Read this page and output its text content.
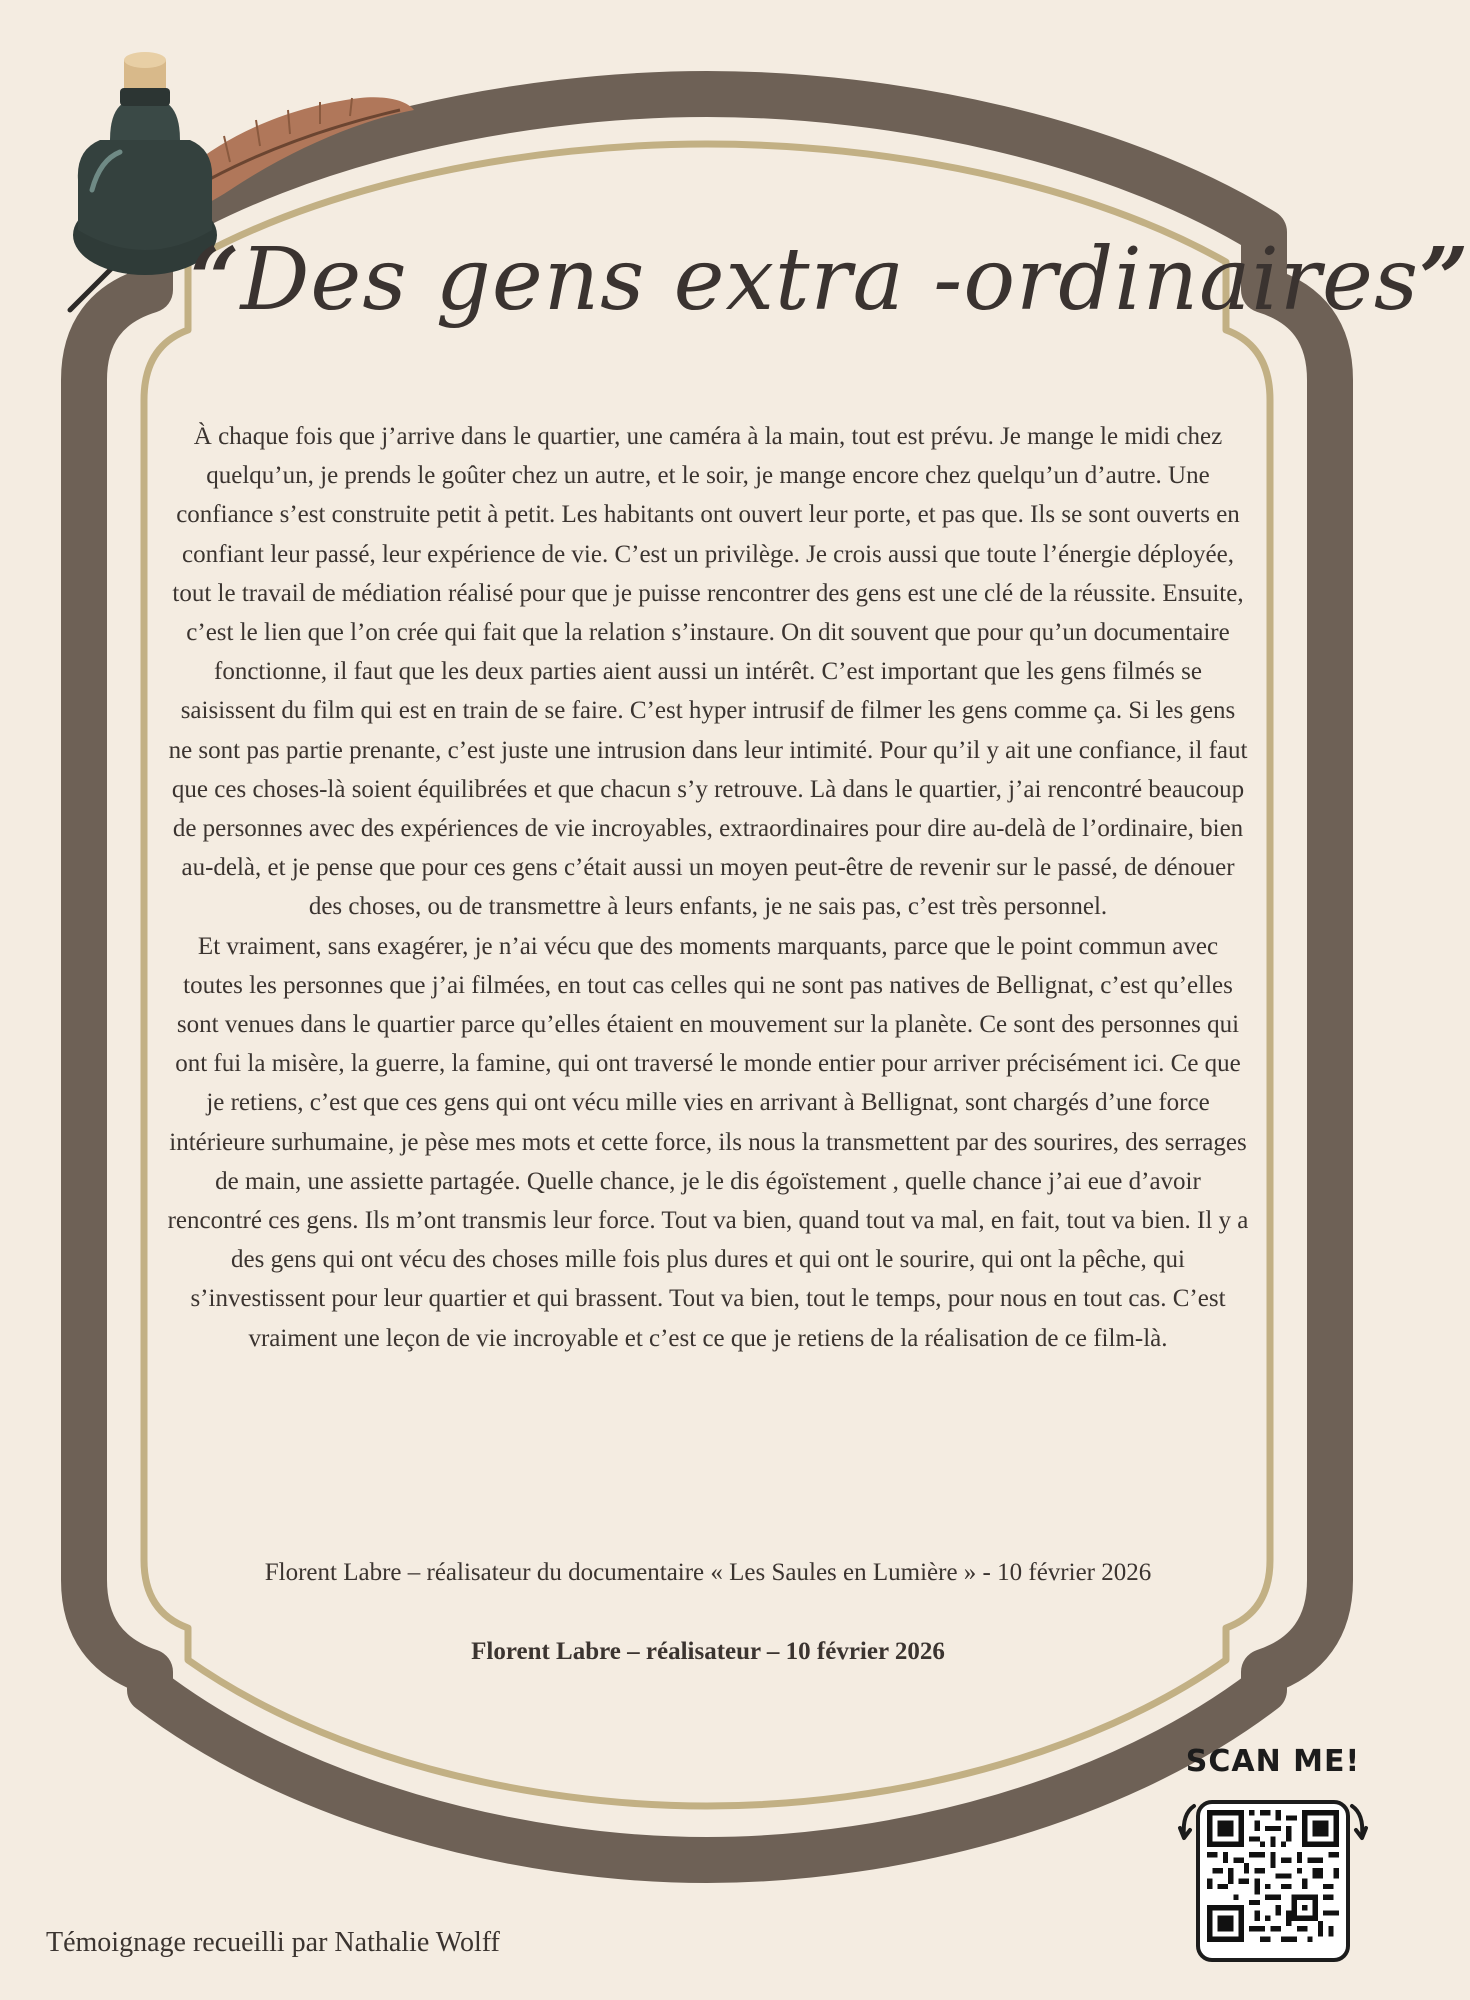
“Des gens extra -ordinaires”

À chaque fois que j’arrive dans le quartier, une caméra à la main, tout est prévu. Je mange le midi chez quelqu’un, je prends le goûter chez un autre, et le soir, je mange encore chez quelqu’un d’autre. Une confiance s’est construite petit à petit. Les habitants ont ouvert leur porte, et pas que. Ils se sont ouverts en confiant leur passé, leur expérience de vie. C’est un privilège. Je crois aussi que toute l’énergie déployée, tout le travail de médiation réalisé pour que je puisse rencontrer des gens est une clé de la réussite. Ensuite, c’est le lien que l’on crée qui fait que la relation s’instaure. On dit souvent que pour qu’un documentaire fonctionne, il faut que les deux parties aient aussi un intérêt. C’est important que les gens filmés se saisissent du film qui est en train de se faire. C’est hyper intrusif de filmer les gens comme ça. Si les gens ne sont pas partie prenante, c’est juste une intrusion dans leur intimité. Pour qu’il y ait une confiance, il faut que ces choses-là soient équilibrées et que chacun s’y retrouve. Là dans le quartier, j’ai rencontré beaucoup de personnes avec des expériences de vie incroyables, extraordinaires pour dire au-delà de l’ordinaire, bien au-delà, et je pense que pour ces gens c’était aussi un moyen peut-être de revenir sur le passé, de dénouer des choses, ou de transmettre à leurs enfants, je ne sais pas, c’est très personnel.

Et vraiment, sans exagérer, je n’ai vécu que des moments marquants, parce que le point commun avec toutes les personnes que j’ai filmées, en tout cas celles qui ne sont pas natives de Bellignat, c’est qu’elles sont venues dans le quartier parce qu’elles étaient en mouvement sur la planète. Ce sont des personnes qui ont fui la misère, la guerre, la famine, qui ont traversé le monde entier pour arriver précisément ici. Ce que je retiens, c’est que ces gens qui ont vécu mille vies en arrivant à Bellignat, sont chargés d’une force intérieure surhumaine, je pèse mes mots et cette force, ils nous la transmettent par des sourires, des serrages de main, une assiette partagée. Quelle chance, je le dis égoïstement , quelle chance j’ai eue d’avoir rencontré ces gens. Ils m’ont transmis leur force. Tout va bien, quand tout va mal, en fait, tout va bien. Il y a des gens qui ont vécu des choses mille fois plus dures et qui ont le sourire, qui ont la pêche, qui s’investissent pour leur quartier et qui brassent. Tout va bien, tout le temps, pour nous en tout cas. C’est vraiment une leçon de vie incroyable et c’est ce que je retiens de la réalisation de ce film-là.

Florent Labre – réalisateur du documentaire « Les Saules en Lumière » - 10 février 2026
Florent Labre – réalisateur – 10 février 2026
Témoignage recueilli par Nathalie Wolff
SCAN ME!
